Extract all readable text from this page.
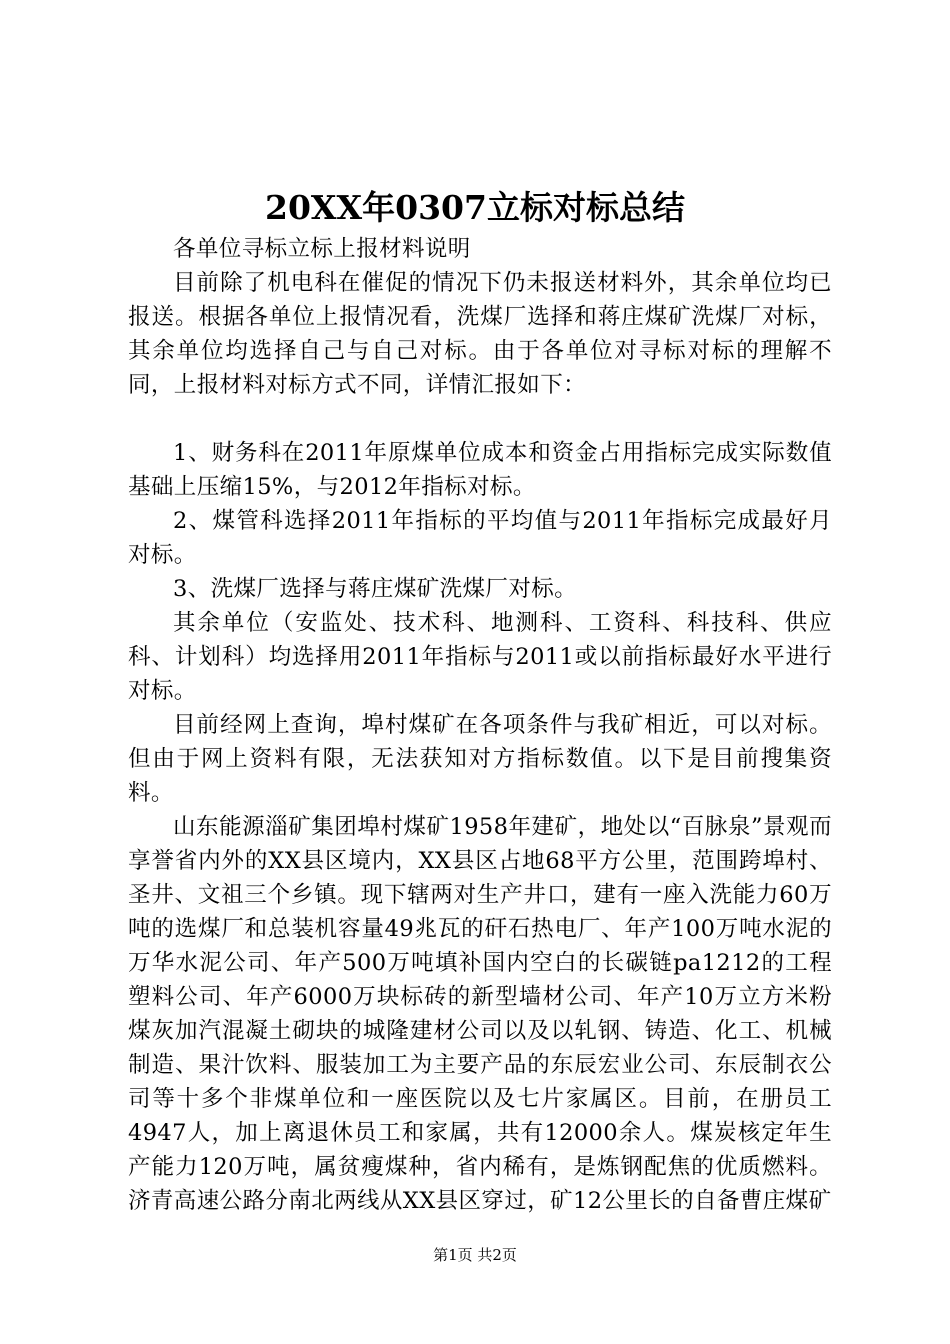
20XX年0307立标对标总结

各单位寻标立标上报材料说明

目前除了机电科在催促的情况下仍未报送材料外，其余单位均已报送。根据各单位上报情况看，洗煤厂选择和蒋庄煤矿洗煤厂对标，其余单位均选择自己与自己对标。由于各单位对寻标对标的理解不同，上报材料对标方式不同，详情汇报如下：

1、财务科在2011年原煤单位成本和资金占用指标完成实际数值基础上压缩15%，与2012年指标对标。

2、煤管科选择2011年指标的平均值与2011年指标完成最好月对标。

3、洗煤厂选择与蒋庄煤矿洗煤厂对标。

其余单位（安监处、技术科、地测科、工资科、科技科、供应科、计划科）均选择用2011年指标与2011或以前指标最好水平进行对标。

目前经网上查询，埠村煤矿在各项条件与我矿相近，可以对标。但由于网上资料有限，无法获知对方指标数值。以下是目前搜集资料。

山东能源淄矿集团埠村煤矿1958年建矿，地处以“百脉泉”景观而享誉省内外的XX县区境内，XX县区占地68平方公里，范围跨埠村、圣井、文祖三个乡镇。现下辖两对生产井口，建有一座入洗能力60万吨的选煤厂和总装机容量49兆瓦的矸石热电厂、年产100万吨水泥的万华水泥公司、年产500万吨填补国内空白的长碳链pa1212的工程塑料公司、年产6000万块标砖的新型墙材公司、年产10万立方米粉煤灰加汽混凝土砌块的城隆建材公司以及以轧钢、铸造、化工、机械制造、果汁饮料、服装加工为主要产品的东辰宏业公司、东辰制衣公司等十多个非煤单位和一座医院以及七片家属区。目前，在册员工4947人，加上离退休员工和家属，共有12000余人。煤炭核定年生产能力120万吨，属贫瘦煤种，省内稀有，是炼钢配焦的优质燃料。济青高速公路分南北两线从XX县区穿过，矿12公里长的自备曹庄煤矿

第1页 共2页
